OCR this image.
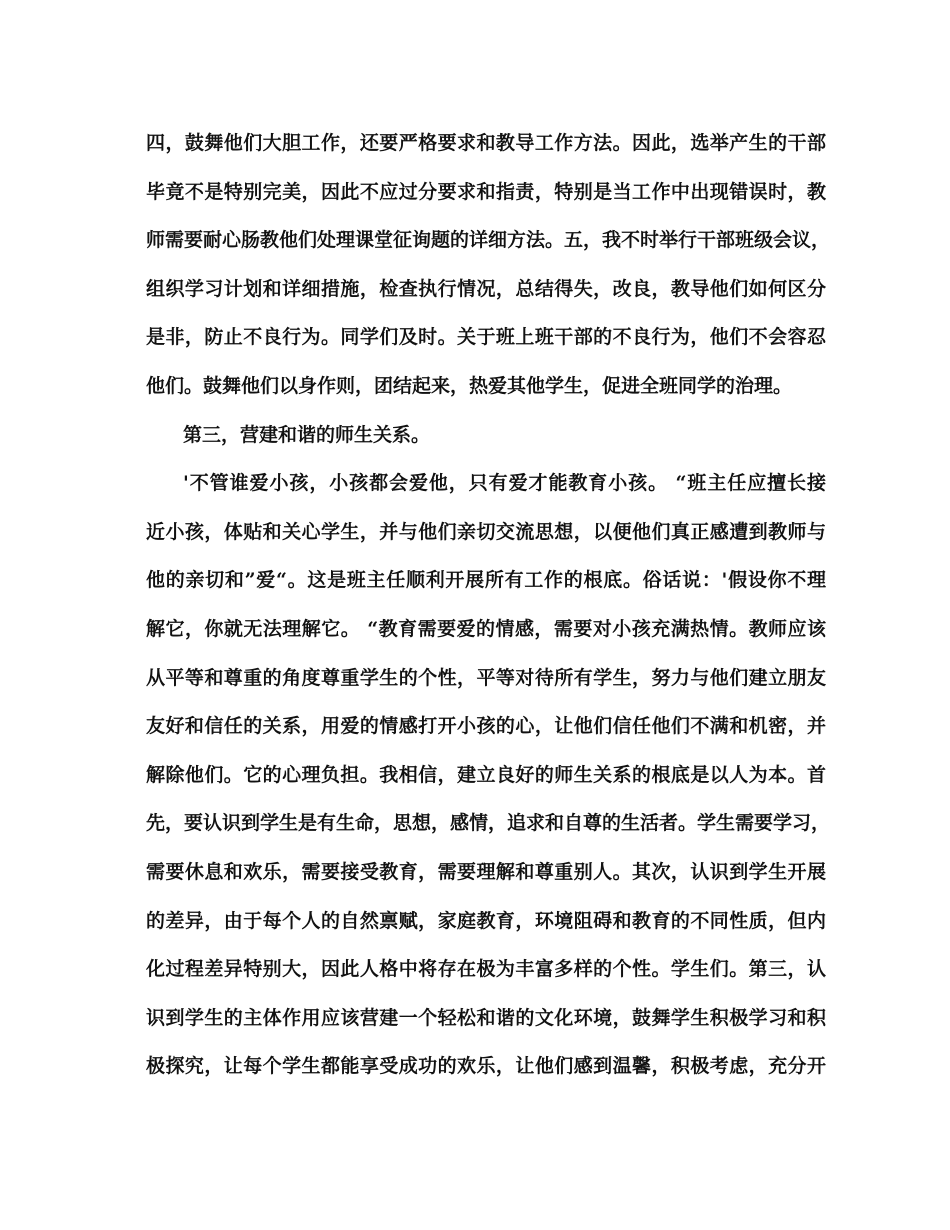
四，鼓舞他们大胆工作，还要严格要求和教导工作方法。因此，选举产生的干部
毕竟不是特别完美，因此不应过分要求和指责，特别是当工作中出现错误时，教
师需要耐心肠教他们处理课堂征询题的详细方法。五，我不时举行干部班级会议，
组织学习计划和详细措施，检查执行情况，总结得失，改良，教导他们如何区分
是非，防止不良行为。同学们及时。关于班上班干部的不良行为，他们不会容忍
他们。鼓舞他们以身作则，团结起来，热爱其他学生，促进全班同学的治理。
第三，营建和谐的师生关系。
'不管谁爱小孩，小孩都会爱他，只有爱才能教育小孩。 “班主任应擅长接
近小孩，体贴和关心学生，并与他们亲切交流思想，以便他们真正感遭到教师与
他的亲切和”爱“。这是班主任顺利开展所有工作的根底。俗话说：'假设你不理
解它，你就无法理解它。 “教育需要爱的情感，需要对小孩充满热情。教师应该
从平等和尊重的角度尊重学生的个性，平等对待所有学生，努力与他们建立朋友
友好和信任的关系，用爱的情感打开小孩的心，让他们信任他们不满和机密，并
解除他们。它的心理负担。我相信，建立良好的师生关系的根底是以人为本。首
先，要认识到学生是有生命，思想，感情，追求和自尊的生活者。学生需要学习，
需要休息和欢乐，需要接受教育，需要理解和尊重别人。其次，认识到学生开展
的差异，由于每个人的自然禀赋，家庭教育，环境阻碍和教育的不同性质，但内
化过程差异特别大，因此人格中将存在极为丰富多样的个性。学生们。第三，认
识到学生的主体作用应该营建一个轻松和谐的文化环境，鼓舞学生积极学习和积
极探究，让每个学生都能享受成功的欢乐，让他们感到温馨，积极考虑，充分开
